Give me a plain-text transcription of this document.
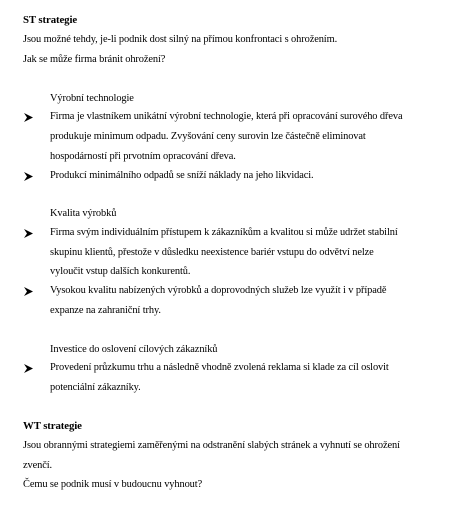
ST strategie
Jsou možné tehdy, je-li podnik dost silný na přímou konfrontaci s ohrožením.
Jak se může firma bránit ohrožení?
Výrobní technologie
Firma je vlastníkem unikátní výrobní technologie, která při opracování surového dřeva
produkuje minimum odpadu. Zvyšování ceny surovin lze částečně eliminovat
hospodárností při prvotním opracování dřeva.
Produkcí minimálního odpadů se sníží náklady na jeho likvidaci.
Kvalita výrobků
Firma svým individuálním přístupem k zákazníkům a kvalitou si může udržet stabilní
skupinu klientů, přestože v důsledku neexistence bariér vstupu do odvětví nelze
vyloučit vstup dalších konkurentů.
Vysokou kvalitu nabízených výrobků a doprovodných služeb lze využít i v případě
expanze na zahraniční trhy.
Investice do oslovení cílových zákazníků
Provedení průzkumu trhu a následně vhodně zvolená reklama si klade za cíl oslovit
potenciální zákazníky.
WT strategie
Jsou obrannými strategiemi zaměřenými na odstranění slabých stránek a vyhnutí se ohrožení
zvenčí.
Čemu se podnik musí v budoucnu vyhnout?
